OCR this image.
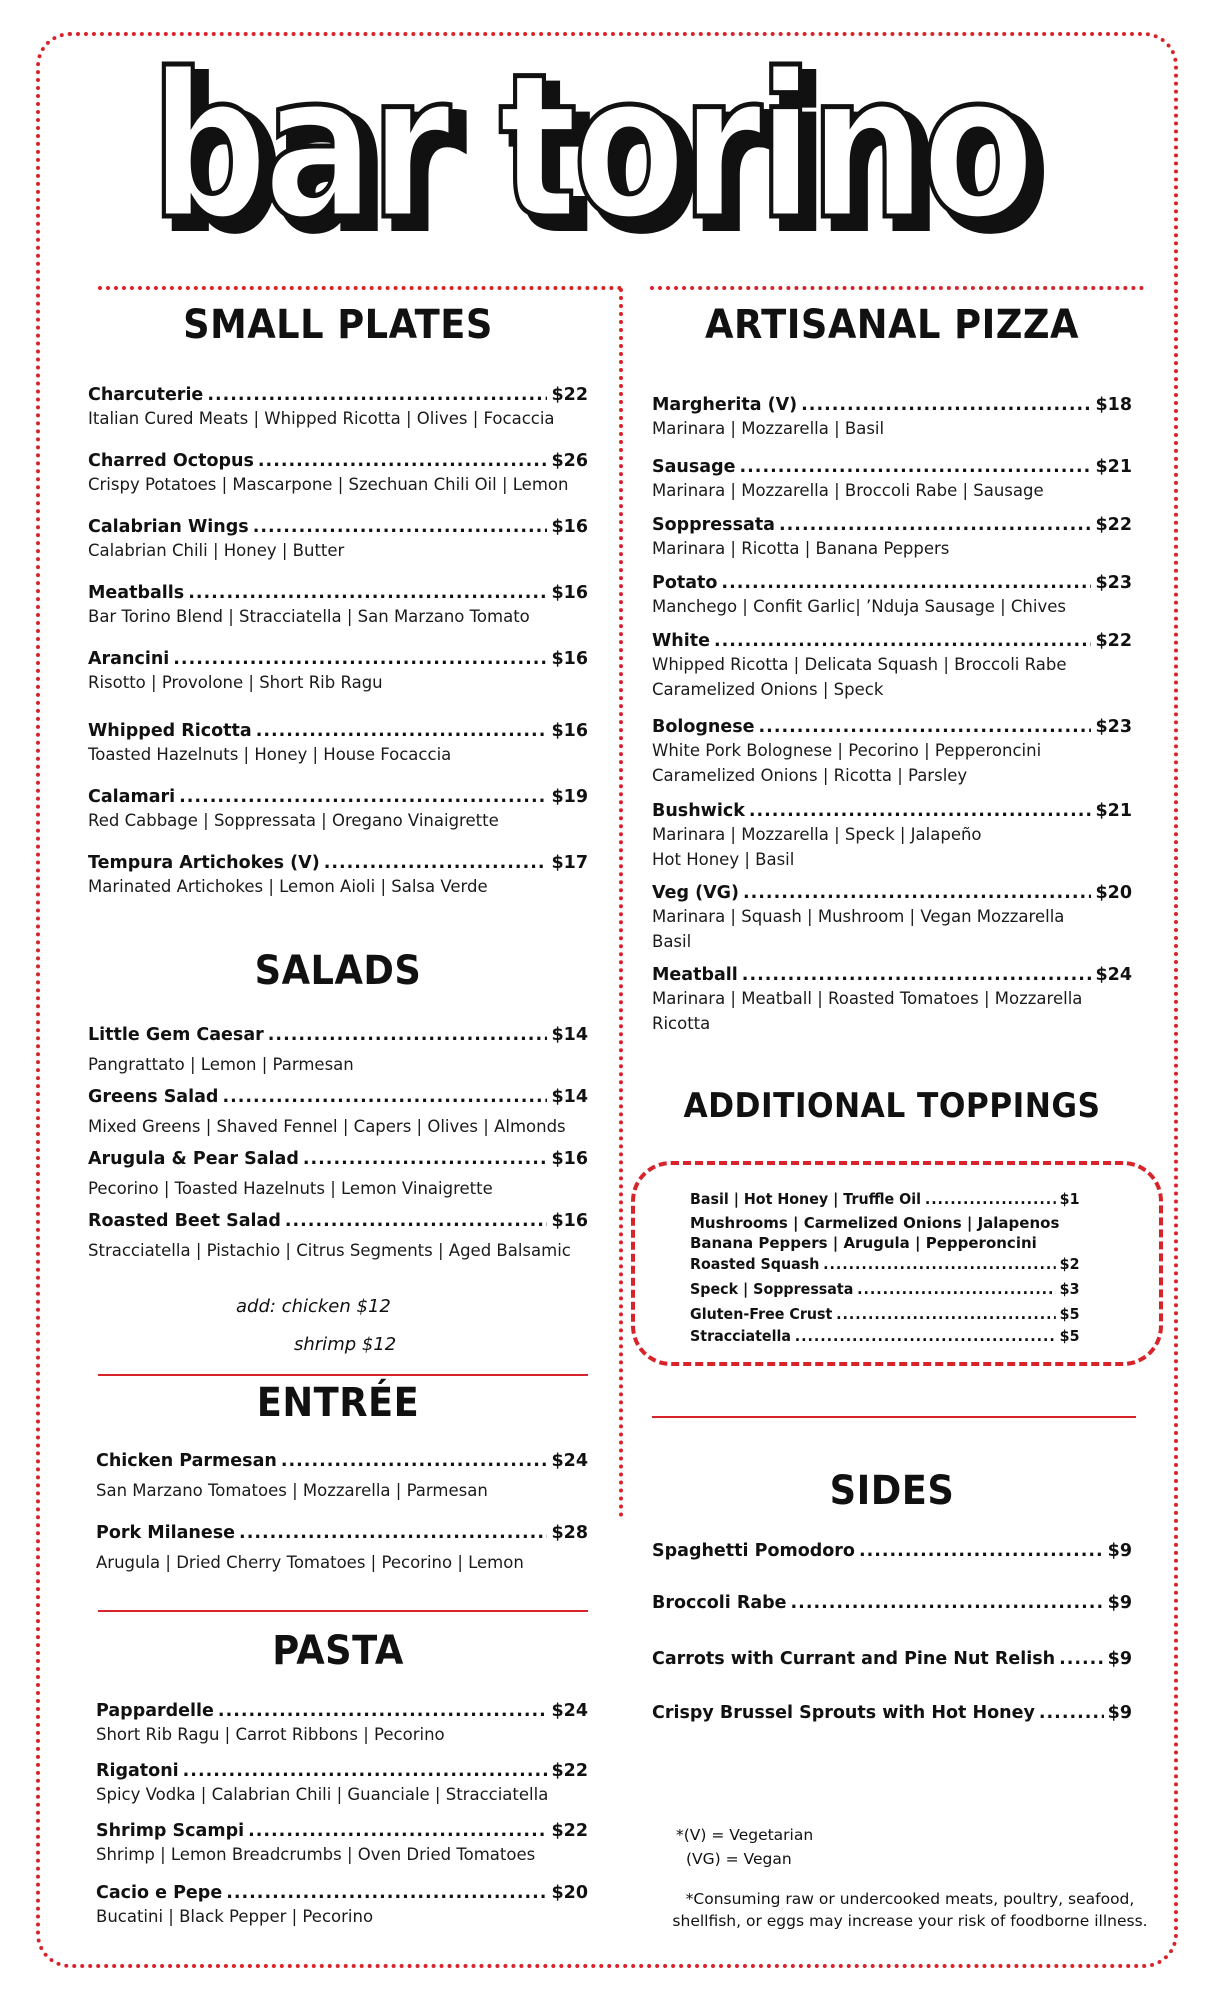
bar torino
bar torino
SMALL PLATES
Charcuterie .....	$22
Italian Cured Meats | Whipped Ricotta | Olives | Focaccia
Charred Octopus .....	$26
Crispy Potatoes | Mascarpone | Szechuan Chili Oil | Lemon
Calabrian Wings .....	$16
Calabrian Chili | Honey | Butter
Meatballs .....	$16
Bar Torino Blend | Stracciatella | San Marzano Tomato
Arancini .....	$16
Risotto | Provolone | Short Rib Ragu
Whipped Ricotta .....	$16
Toasted Hazelnuts | Honey | House Focaccia
Calamari .....	$19
Red Cabbage | Soppressata | Oregano Vinaigrette
Tempura Artichokes (V) .....	$17
Marinated Artichokes | Lemon Aioli | Salsa Verde
SALADS
Little Gem Caesar .....	$14
Pangrattato | Lemon | Parmesan
Greens Salad .....	$14
Mixed Greens | Shaved Fennel | Capers | Olives | Almonds
Arugula & Pear Salad .....	$16
Pecorino | Toasted Hazelnuts | Lemon Vinaigrette
Roasted Beet Salad .....	$16
Stracciatella | Pistachio | Citrus Segments | Aged Balsamic
add: chicken $12
shrimp $12
ENTRÉE
Chicken Parmesan .....	$24
San Marzano Tomatoes | Mozzarella | Parmesan
Pork Milanese .....	$28
Arugula | Dried Cherry Tomatoes | Pecorino | Lemon
PASTA
Pappardelle .....	$24
Short Rib Ragu | Carrot Ribbons | Pecorino
Rigatoni .....	$22
Spicy Vodka | Calabrian Chili | Guanciale | Stracciatella
Shrimp Scampi .....	$22
Shrimp | Lemon Breadcrumbs | Oven Dried Tomatoes
Cacio e Pepe .....	$20
Bucatini | Black Pepper | Pecorino
ARTISANAL PIZZA
Margherita (V) .....	$18
Marinara | Mozzarella | Basil
Sausage .....	$21
Marinara | Mozzarella | Broccoli Rabe | Sausage
Soppressata .....	$22
Marinara | Ricotta | Banana Peppers
Potato .....	$23
Manchego | Confit Garlic| ’Nduja Sausage | Chives
White .....	$22
Whipped Ricotta | Delicata Squash | Broccoli Rabe
Caramelized Onions | Speck
Bolognese .....	$23
White Pork Bolognese | Pecorino | Pepperoncini
Caramelized Onions | Ricotta | Parsley
Bushwick .....	$21
Marinara | Mozzarella | Speck | Jalapeño
Hot Honey | Basil
Veg (VG) .....	$20
Marinara | Squash | Mushroom | Vegan Mozzarella
Basil
Meatball .....	$24
Marinara | Meatball | Roasted Tomatoes | Mozzarella
Ricotta
ADDITIONAL TOPPINGS
SIDES
Spaghetti Pomodoro .....	$9
Broccoli Rabe .....	$9
Carrots with Currant and Pine Nut Relish .....	$9
Crispy Brussel Sprouts with Hot Honey .....	$9
Basil | Hot Honey | Truffle Oil .....	$1
Mushrooms | Carmelized Onions | Jalapenos
Banana Peppers | Arugula | Pepperoncini
Roasted Squash .....	$2
Speck | Soppressata .....	$3
Gluten-Free Crust .....	$5
Stracciatella .....	$5
*(V) = Vegetarian
(VG) = Vegan
*Consuming raw or undercooked meats, poultry, seafood,
shellfish, or eggs may increase your risk of foodborne illness.
